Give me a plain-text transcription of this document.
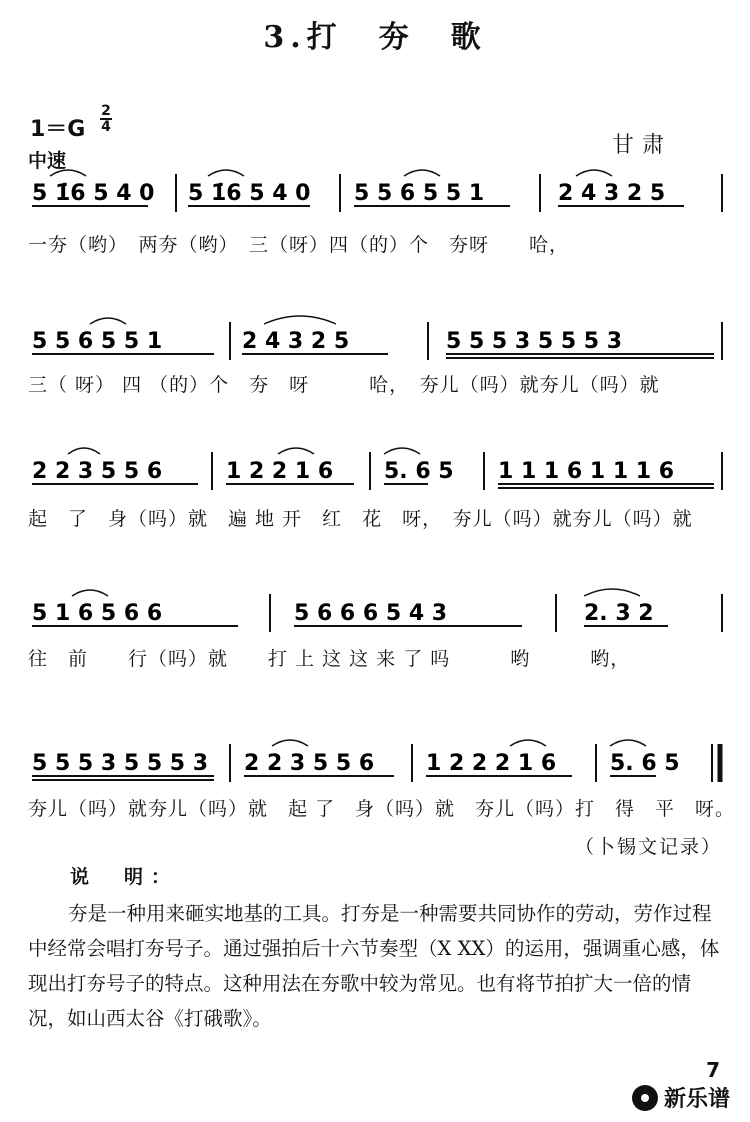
3.打　夯　歌
1＝G
2
4
中速
甘肃
5 1̇6 5 4 0 5 1̇6 5 4 0 5 5 6 5 5 1	2 4 3 2 5
一夯（哟）　两夯（哟）　三（呀）四（的）个　夯呀　　哈，
5 5 6 5 5 1	2 4 3 2 5	5 5 5 3 5 5 5 3
三（ 呀） 四 （的）个　夯　呀　　　哈，　夯儿（吗）就夯儿（吗）就
2 2 3 5 5 6	1 2 2 1 6 5. 6 5 1 1 1 6 1 1 1 6
起　了　身（吗）就　遍 地 开　红　花　呀，　夯儿（吗）就夯儿（吗）就
5 1 6 5 6 6	5 6 6 6 5 4 3	2. 3 2
往　前　　行（吗）就　　打 上 这 这 来 了 吗　　　哟　　　哟，
5 5 5 3 5 5 5 3 2 2 3 5 5 6 1 2 2 2 1 6 5. 6 5
夯儿（吗）就夯儿（吗）就　起 了　身（吗）就　夯儿（吗）打　得　平　呀。
（卜锡文记录）
说　明：
夯是一种用来砸实地基的工具。打夯是一种需要共同协作的劳动，劳作过程中经常会唱打夯号子。通过强拍后十六节奏型（X XX）的运用，强调重心感，体现出打夯号子的特点。这种用法在夯歌中较为常见。也有将节拍扩大一倍的情况，如山西太谷《打硪歌》。
7
新乐谱
